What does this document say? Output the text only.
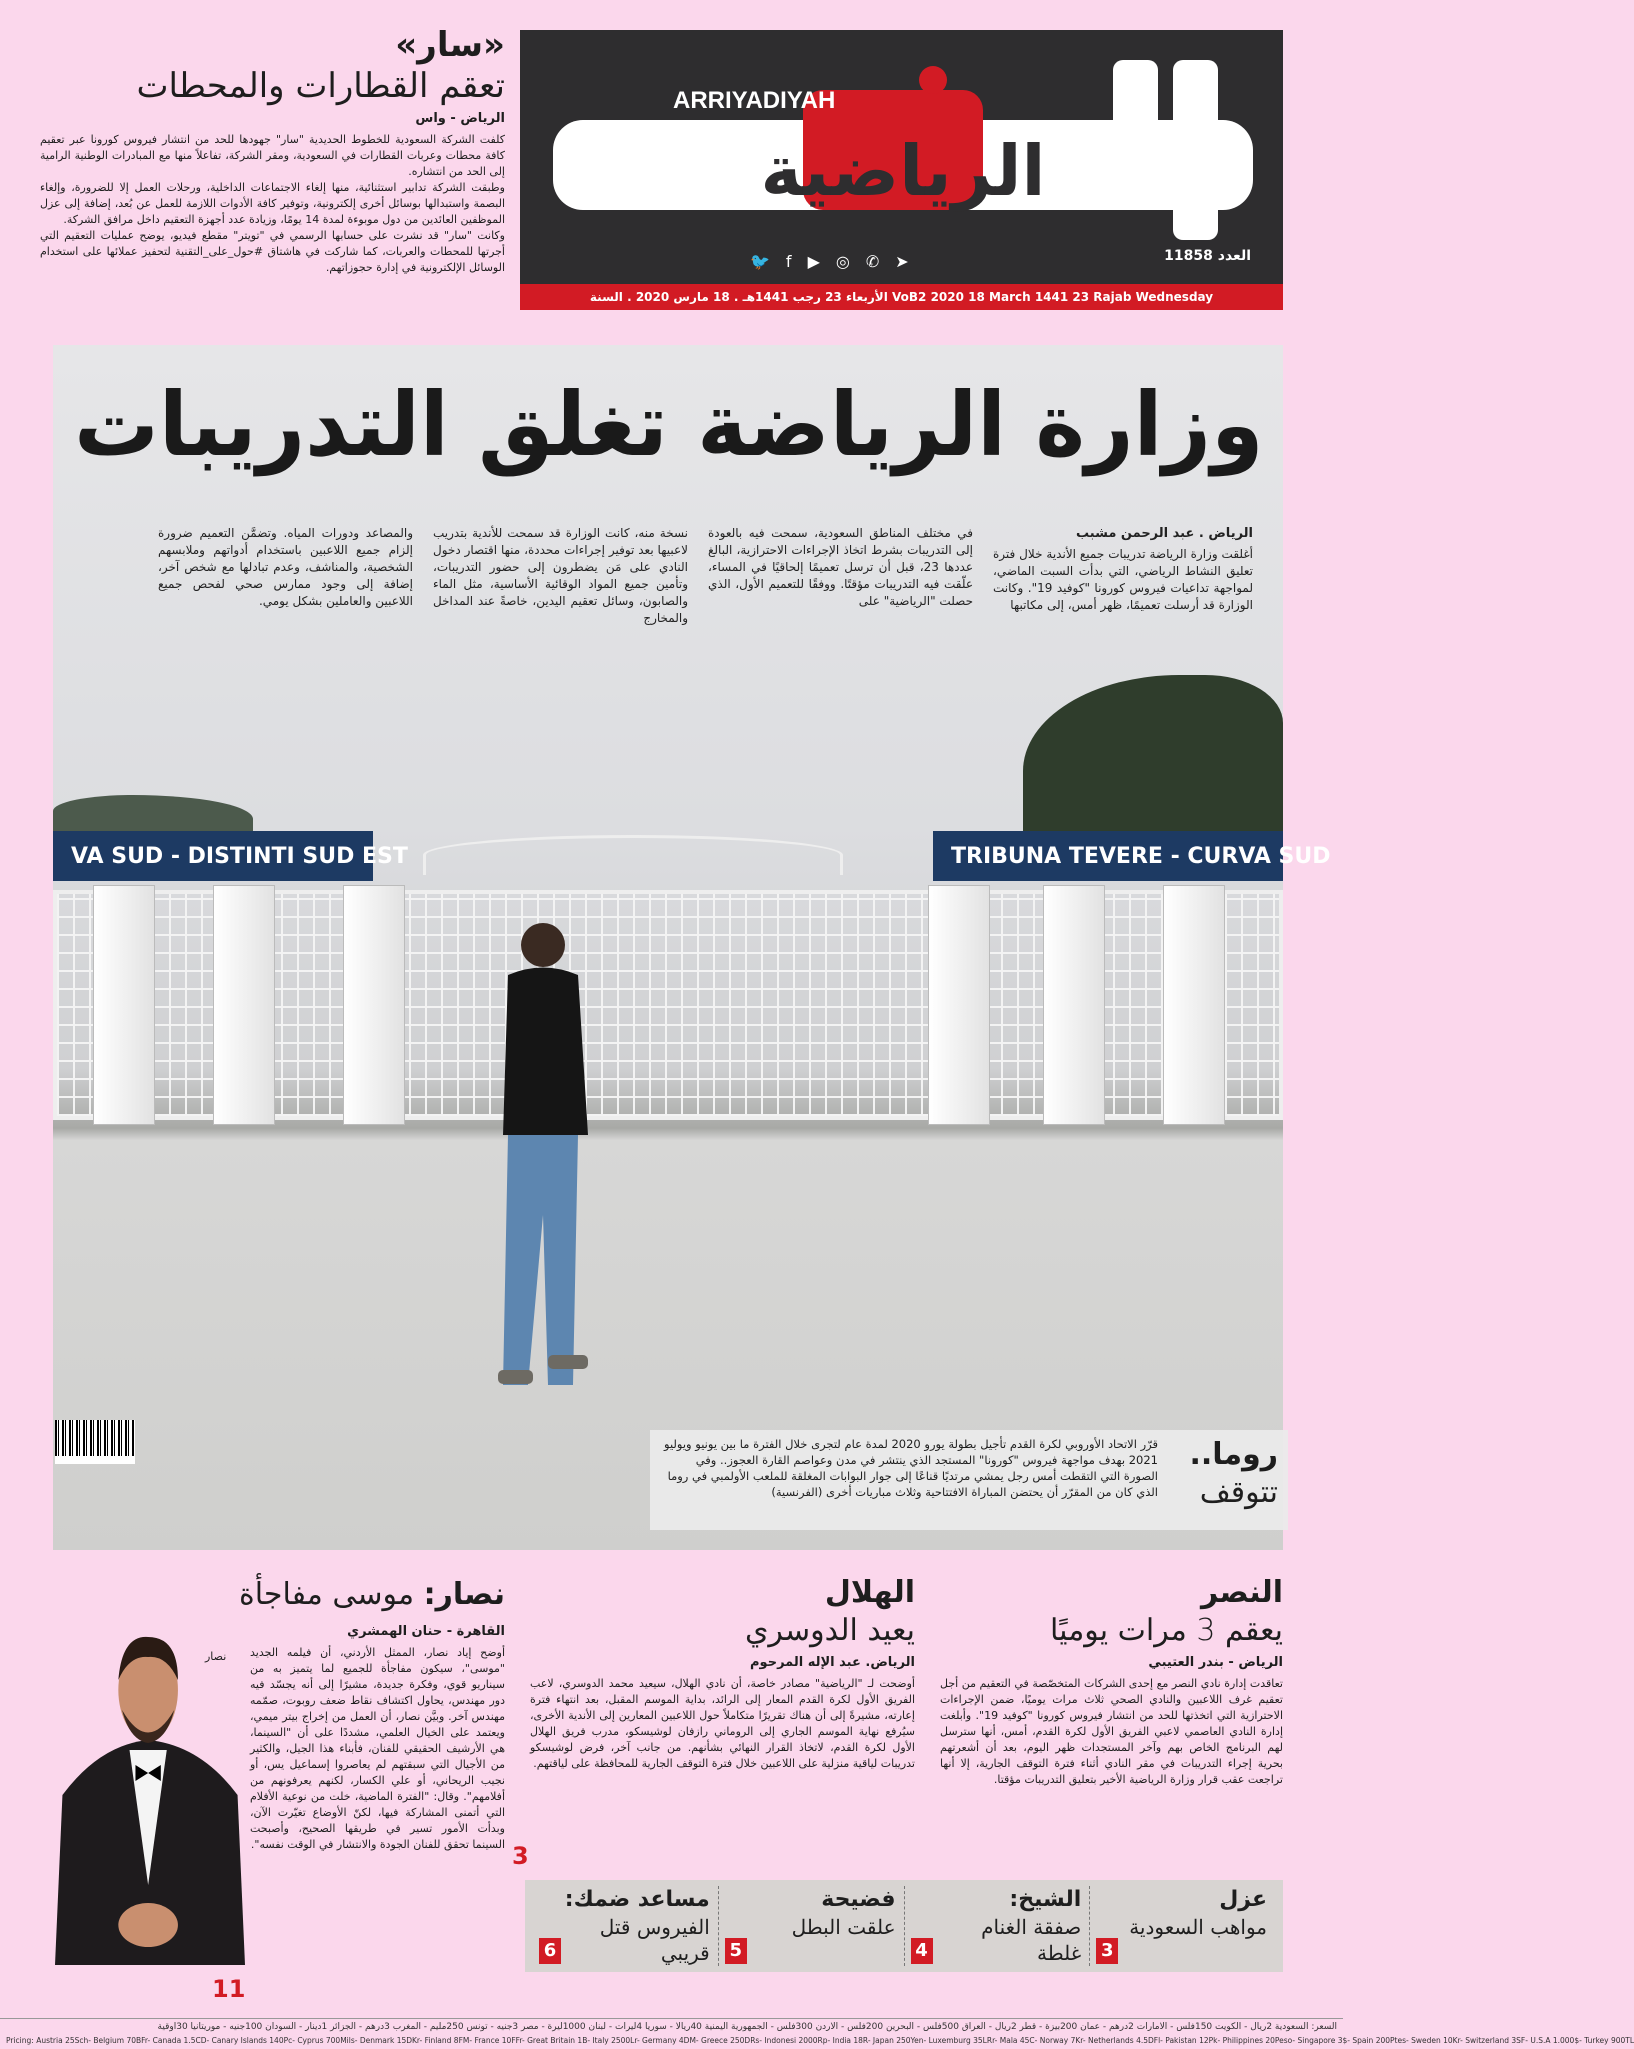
«سار»
تعقم القطارات والمحطات
الرياض - واس

كلفت الشركة السعودية للخطوط الحديدية "سار" جهودها للحد من انتشار فيروس كورونا عبر تعقيم كافة محطات وعربات القطارات في السعودية، ومقر الشركة، تفاعلاً منها مع المبادرات الوطنية الرامية إلى الحد من انتشاره.

وطبقت الشركة تدابير استثنائية، منها إلغاء الاجتماعات الداخلية، ورحلات العمل إلا للضرورة، وإلغاء البصمة واستبدالها بوسائل أخرى إلكترونية، وتوفير كافة الأدوات اللازمة للعمل عن بُعد، إضافة إلى عزل الموظفين العائدين من دول موبوءة لمدة 14 يومًا، وزيادة عدد أجهزة التعقيم داخل مرافق الشركة.

وكانت "سار" قد نشرت على حسابها الرسمي في "تويتر" مقطع فيديو، يوضح عمليات التعقيم التي أجرتها للمحطات والعربات، كما شاركت في هاشتاق #حول_على_التقنية لتحفيز عملائها على استخدام الوسائل الإلكترونية في إدارة حجوزاتهم.

ARRIYADIYAH
الرياضية
🐦 f ▶ ◎ ✆ ➤	العدد 11858
الأربعاء 23 رجب 1441هـ . 18 مارس 2020 . السنة VoB2 2020 18 March 1441 23 Rajab Wednesday
وزارة الرياضة تغلق التدريبات
الرياض . عبد الرحمن مشبب
أغلقت وزارة الرياضة تدريبات جميع الأندية خلال فترة تعليق النشاط الرياضي، التي بدأت السبت الماضي، لمواجهة تداعيات فيروس كورونا "كوفيد 19". وكانت الوزارة قد أرسلت تعميمًا، ظهر أمس، إلى مكاتبها
في مختلف المناطق السعودية، سمحت فيه بالعودة إلى التدريبات بشرط اتخاذ الإجراءات الاحترازية، البالغ عددها 23، قبل أن ترسل تعميمًا إلحاقيًا في المساء، علّقت فيه التدريبات مؤقتًا. ووفقًا للتعميم الأول، الذي حصلت "الرياضية" على
نسخة منه، كانت الوزارة قد سمحت للأندية بتدريب لاعبيها بعد توفير إجراءات محددة، منها اقتصار دخول النادي على مَن يضطرون إلى حضور التدريبات، وتأمين جميع المواد الوقائية الأساسية، مثل الماء والصابون، وسائل تعقيم اليدين، خاصةً عند المداخل والمخارج
والمصاعد ودورات المياه. وتضمَّن التعميم ضرورة إلزام جميع اللاعبين باستخدام أدواتهم وملابسهم الشخصية، والمناشف، وعدم تبادلها مع شخص آخر، إضافة إلى وجود ممارس صحي لفحص جميع اللاعبين والعاملين بشكل يومي.
VA SUD - DISTINTI SUD EST	TRIBUNA TEVERE - CURVA SUD
روما..
تتوقف
قرّر الاتحاد الأوروبي لكرة القدم تأجيل بطولة يورو 2020 لمدة عام لتجرى خلال الفترة ما بين يونيو ويوليو 2021 بهدف مواجهة فيروس "كورونا" المستجد الذي ينتشر في مدن وعواصم القارة العجوز.. وفي الصورة التي التقطت أمس رجل يمشي مرتديًا قناعًا إلى جوار البوابات المغلقة للملعب الأولمبي في روما الذي كان من المقرّر أن يحتضن المباراة الافتتاحية وثلاث مباريات أخرى (الفرنسية)
النصر
يعقم 3 مرات يوميًا
الرياض - بندر العتيبي

تعاقدت إدارة نادي النصر مع إحدى الشركات المتخصّصة في التعقيم من أجل تعقيم غرف اللاعبين والنادي الصحي ثلاث مرات يوميًا، ضمن الإجراءات الاحترازية التي اتخذتها للحد من انتشار فيروس كورونا "كوفيد 19". وأبلغت إدارة النادي العاصمي لاعبي الفريق الأول لكرة القدم، أمس، أنها سترسل لهم البرنامج الخاص بهم وآخر المستجدات ظهر اليوم، بعد أن أشعرتهم بحرية إجراء التدريبات في مقر النادي أثناء فترة التوقف الجارية، إلا أنها تراجعت عقب قرار وزارة الرياضية الأخير بتعليق التدريبات مؤقتا.

الهلال
يعيد الدوسري
الرياض. عبد الإله المرحوم

أوضحت لـ "الرياضية" مصادر خاصة، أن نادي الهلال، سيعيد محمد الدوسري، لاعب الفريق الأول لكرة القدم المعار إلى الرائد، بداية الموسم المقبل، بعد انتهاء فترة إعارته، مشيرةً إلى أن هناك تقريرًا متكاملاً حول اللاعبين المعارين إلى الأندية الأخرى، سيُرفع نهاية الموسم الجاري إلى الروماني رازفان لوشيسكو، مدرب فريق الهلال الأول لكرة القدم، لاتخاذ القرار النهائي بشأنهم. من جانب آخر، فرض لوشيسكو تدريبات لياقية منزلية على اللاعبين خلال فترة التوقف الجارية للمحافظة على لياقتهم.

3
نصار: موسى مفاجأة
نصار
القاهرة - حنان الهمشري

أوضح إياد نصار، الممثل الأردني، أن فيلمه الجديد "موسى"، سيكون مفاجأة للجميع لما يتميز به من سيناريو قوي، وفكرة جديدة، مشيرًا إلى أنه يجسّد فيه دور مهندس، يحاول اكتشاف نقاط ضعف روبوت، صمّمه مهندس آخر. وبيَّن نصار، أن العمل من إخراج بيتر ميمي، ويعتمد على الخيال العلمي، مشددًا على أن "السينما، هي الأرشيف الحقيقي للفنان، فأبناء هذا الجيل، والكثير من الأجيال التي سبقتهم لم يعاصروا إسماعيل يس، أو نجيب الريحاني، أو علي الكسار، لكنهم يعرفونهم من أفلامهم". وقال: "الفترة الماضية، خلت من نوعية الأفلام التي أتمنى المشاركة فيها، لكنّ الأوضاع تغيّرت الآن، وبدأت الأمور تسير في طريقها الصحيح، وأصبحت السينما تحقق للفنان الجودة والانتشار في الوقت نفسه".

11
عزل
مواهب السعودية
3
الشيخ:
صفقة الغنام غلطة
4
فضيحة
علقت البطل
5
مساعد ضمك:
الفيروس قتل قريبي
6
السعر: السعودية 2ريال - الكويت 150فلس - الامارات 2درهم - عمان 200بيزة - قطر 2ريال - العراق 500فلس - البحرين 200فلس - الاردن 300فلس - الجمهورية اليمنية 40ريالا - سوريا 4ليرات - لبنان 1000ليرة - مصر 3جنيه - تونس 250مليم - المغرب 3درهم - الجزائر 1دينار - السودان 100جنيه - موريتانيا 30اوقية
Pricing: Austria 25Sch- Belgium 70BFr- Canada 1.5CD- Canary Islands 140Pc- Cyprus 700Mils- Denmark 15DKr- Finland 8FM- France 10FFr- Great Britain 1B- Italy 2500Lr- Germany 4DM- Greece 250DRs- Indonesi 2000Rp- India 18R- Japan 250Yen- Luxemburg 35LRr- Mala 45C- Norway 7Kr- Netherlands 4.5DFl- Pakistan 12Pk- Philippines 20Peso- Singapore 3$- Spain 200Ptes- Sweden 10Kr- Switzerland 3SF- U.S.A 1.000$- Turkey 900TL
